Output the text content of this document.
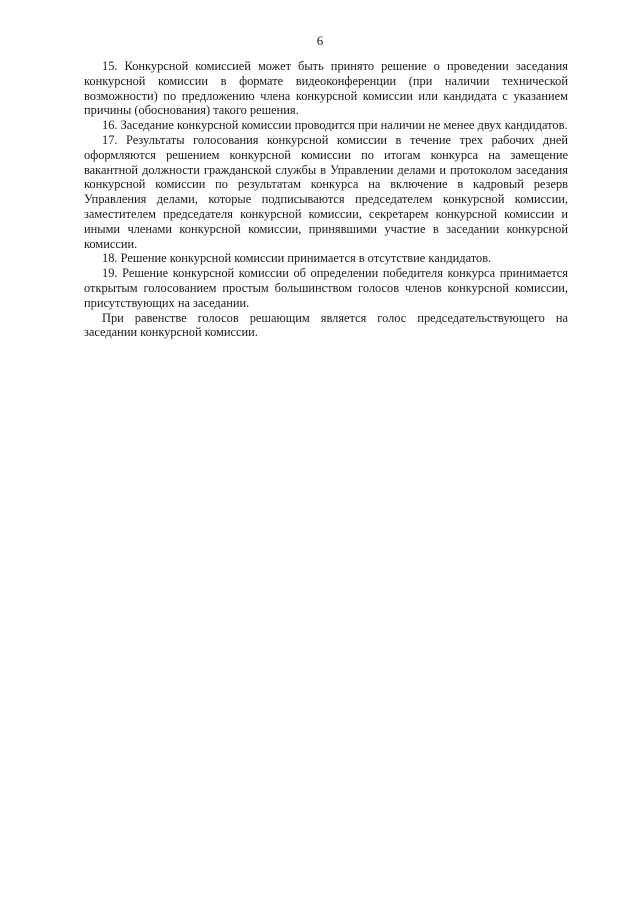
6

15. Конкурсной комиссией может быть принято решение о проведении заседания конкурсной комиссии в формате видеоконференции (при наличии технической возможности) по предложению члена конкурсной комиссии или кандидата с указанием причины (обоснования) такого решения.

16. Заседание конкурсной комиссии проводится при наличии не менее двух кандидатов.

17. Результаты голосования конкурсной комиссии в течение трех рабочих дней оформляются решением конкурсной комиссии по итогам конкурса на замещение вакантной должности гражданской службы в Управлении делами и протоколом заседания конкурсной комиссии по результатам конкурса на включение в кадровый резерв Управления делами, которые подписываются председателем конкурсной комиссии, заместителем председателя конкурсной комиссии, секретарем конкурсной комиссии и иными членами конкурсной комиссии, принявшими участие в заседании конкурсной комиссии.

18. Решение конкурсной комиссии принимается в отсутствие кандидатов.

19. Решение конкурсной комиссии об определении победителя конкурса принимается открытым голосованием простым большинством голосов членов конкурсной комиссии, присутствующих на заседании.

При равенстве голосов решающим является голос председательствующего на заседании конкурсной комиссии.
